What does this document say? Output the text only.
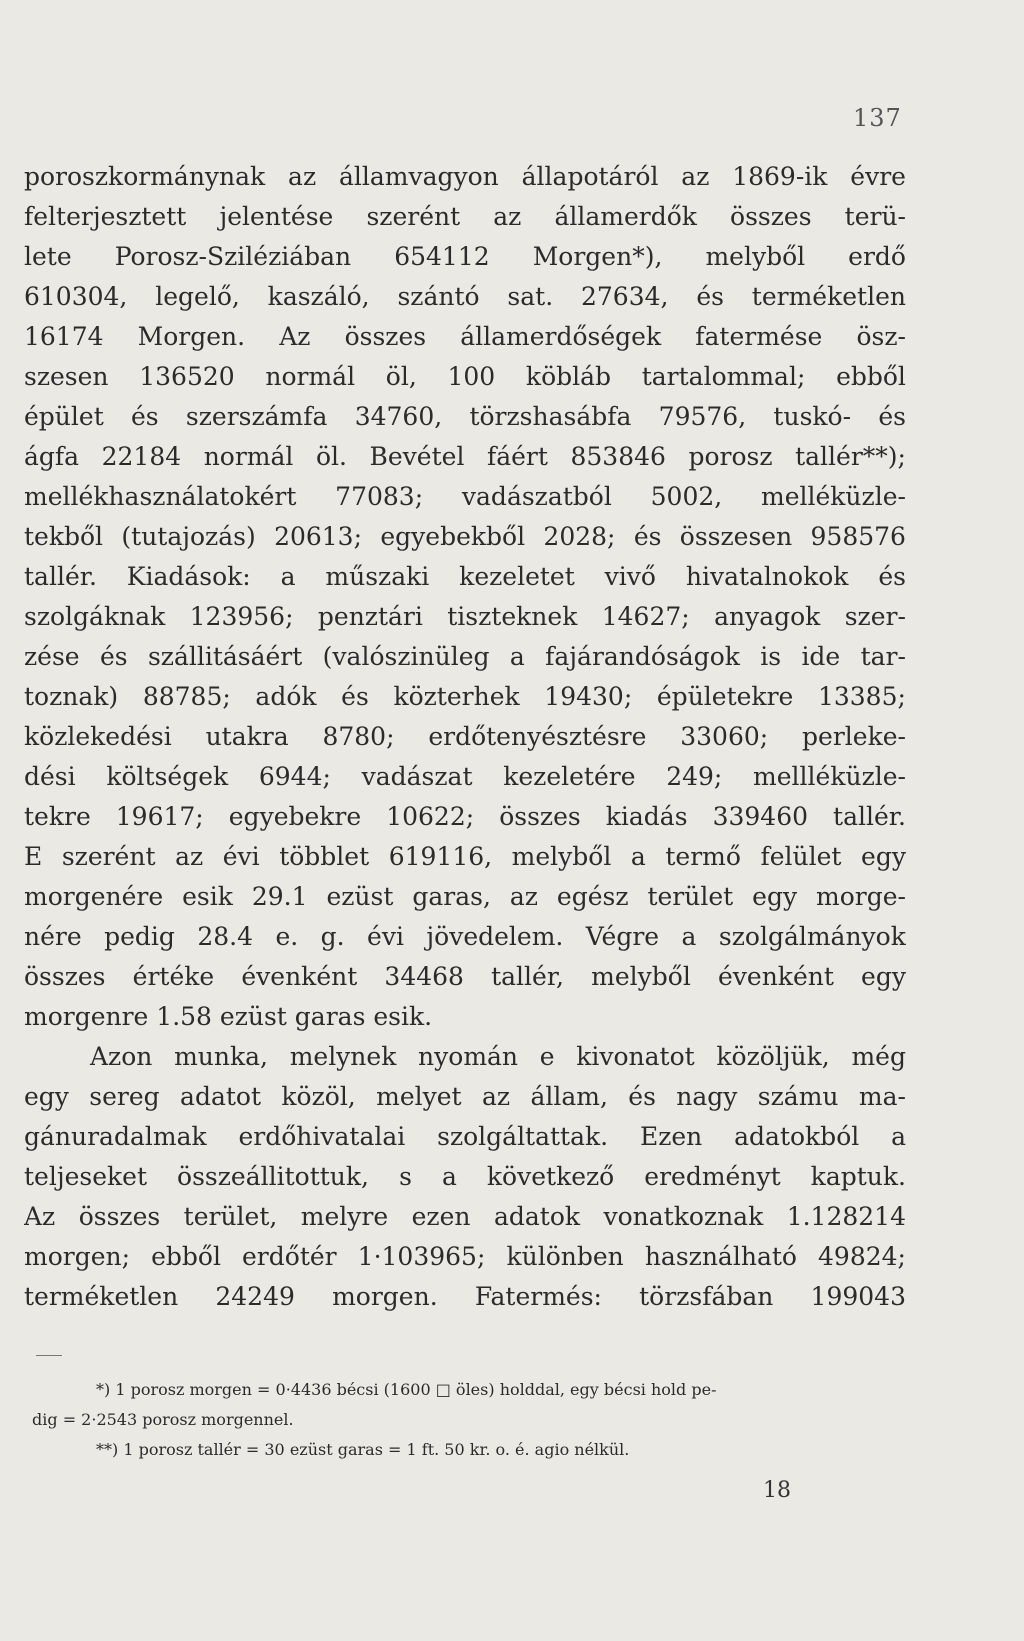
137
poroszkormánynak az államvagyon állapotáról az 1869-ik évre
felterjesztett jelentése szerént az államerdők összes terü-
lete Porosz-Sziléziában 654112 Morgen*), melyből erdő
610304, legelő, kaszáló, szántó sat. 27634, és terméketlen
16174 Morgen. Az összes államerdőségek fatermése ösz-
szesen 136520 normál öl, 100 köbláb tartalommal; ebből
épület és szerszámfa 34760, törzshasábfa 79576, tuskó- és
ágfa 22184 normál öl. Bevétel fáért 853846 porosz tallér**);
mellékhasználatokért 77083; vadászatból 5002, melléküzle-
tekből (tutajozás) 20613; egyebekből 2028; és összesen 958576
tallér. Kiadások: a műszaki kezeletet vivő hivatalnokok és
szolgáknak 123956; penztári tiszteknek 14627; anyagok szer-
zése és szállitásáért (valószinüleg a fajárandóságok is ide tar-
toznak) 88785; adók és közterhek 19430; épületekre 13385;
közlekedési utakra 8780; erdőtenyésztésre 33060; perleke-
dési költségek 6944; vadászat kezeletére 249; mellléküzle-
tekre 19617; egyebekre 10622; összes kiadás 339460 tallér.
E szerént az évi többlet 619116, melyből a termő felület egy
morgenére esik 29.1 ezüst garas, az egész terület egy morge-
nére pedig 28.4 e. g. évi jövedelem. Végre a szolgálmányok
összes értéke évenként 34468 tallér, melyből évenként egy
morgenre 1.58 ezüst garas esik.
Azon munka, melynek nyomán e kivonatot közöljük, még
egy sereg adatot közöl, melyet az állam, és nagy számu ma-
gánuradalmak erdőhivatalai szolgáltattak. Ezen adatokból a
teljeseket összeállitottuk, s a következő eredményt kaptuk.
Az összes terület, melyre ezen adatok vonatkoznak 1.128214
morgen; ebből erdőtér 1·103965; különben használható 49824;
terméketlen 24249 morgen. Fatermés: törzsfában 199043
*) 1 porosz morgen = 0·4436 bécsi (1600 □ öles) holddal, egy bécsi hold pe-
dig = 2·2543 porosz morgennel.
**) 1 porosz tallér = 30 ezüst garas = 1 ft. 50 kr. o. é. agio nélkül.
18
